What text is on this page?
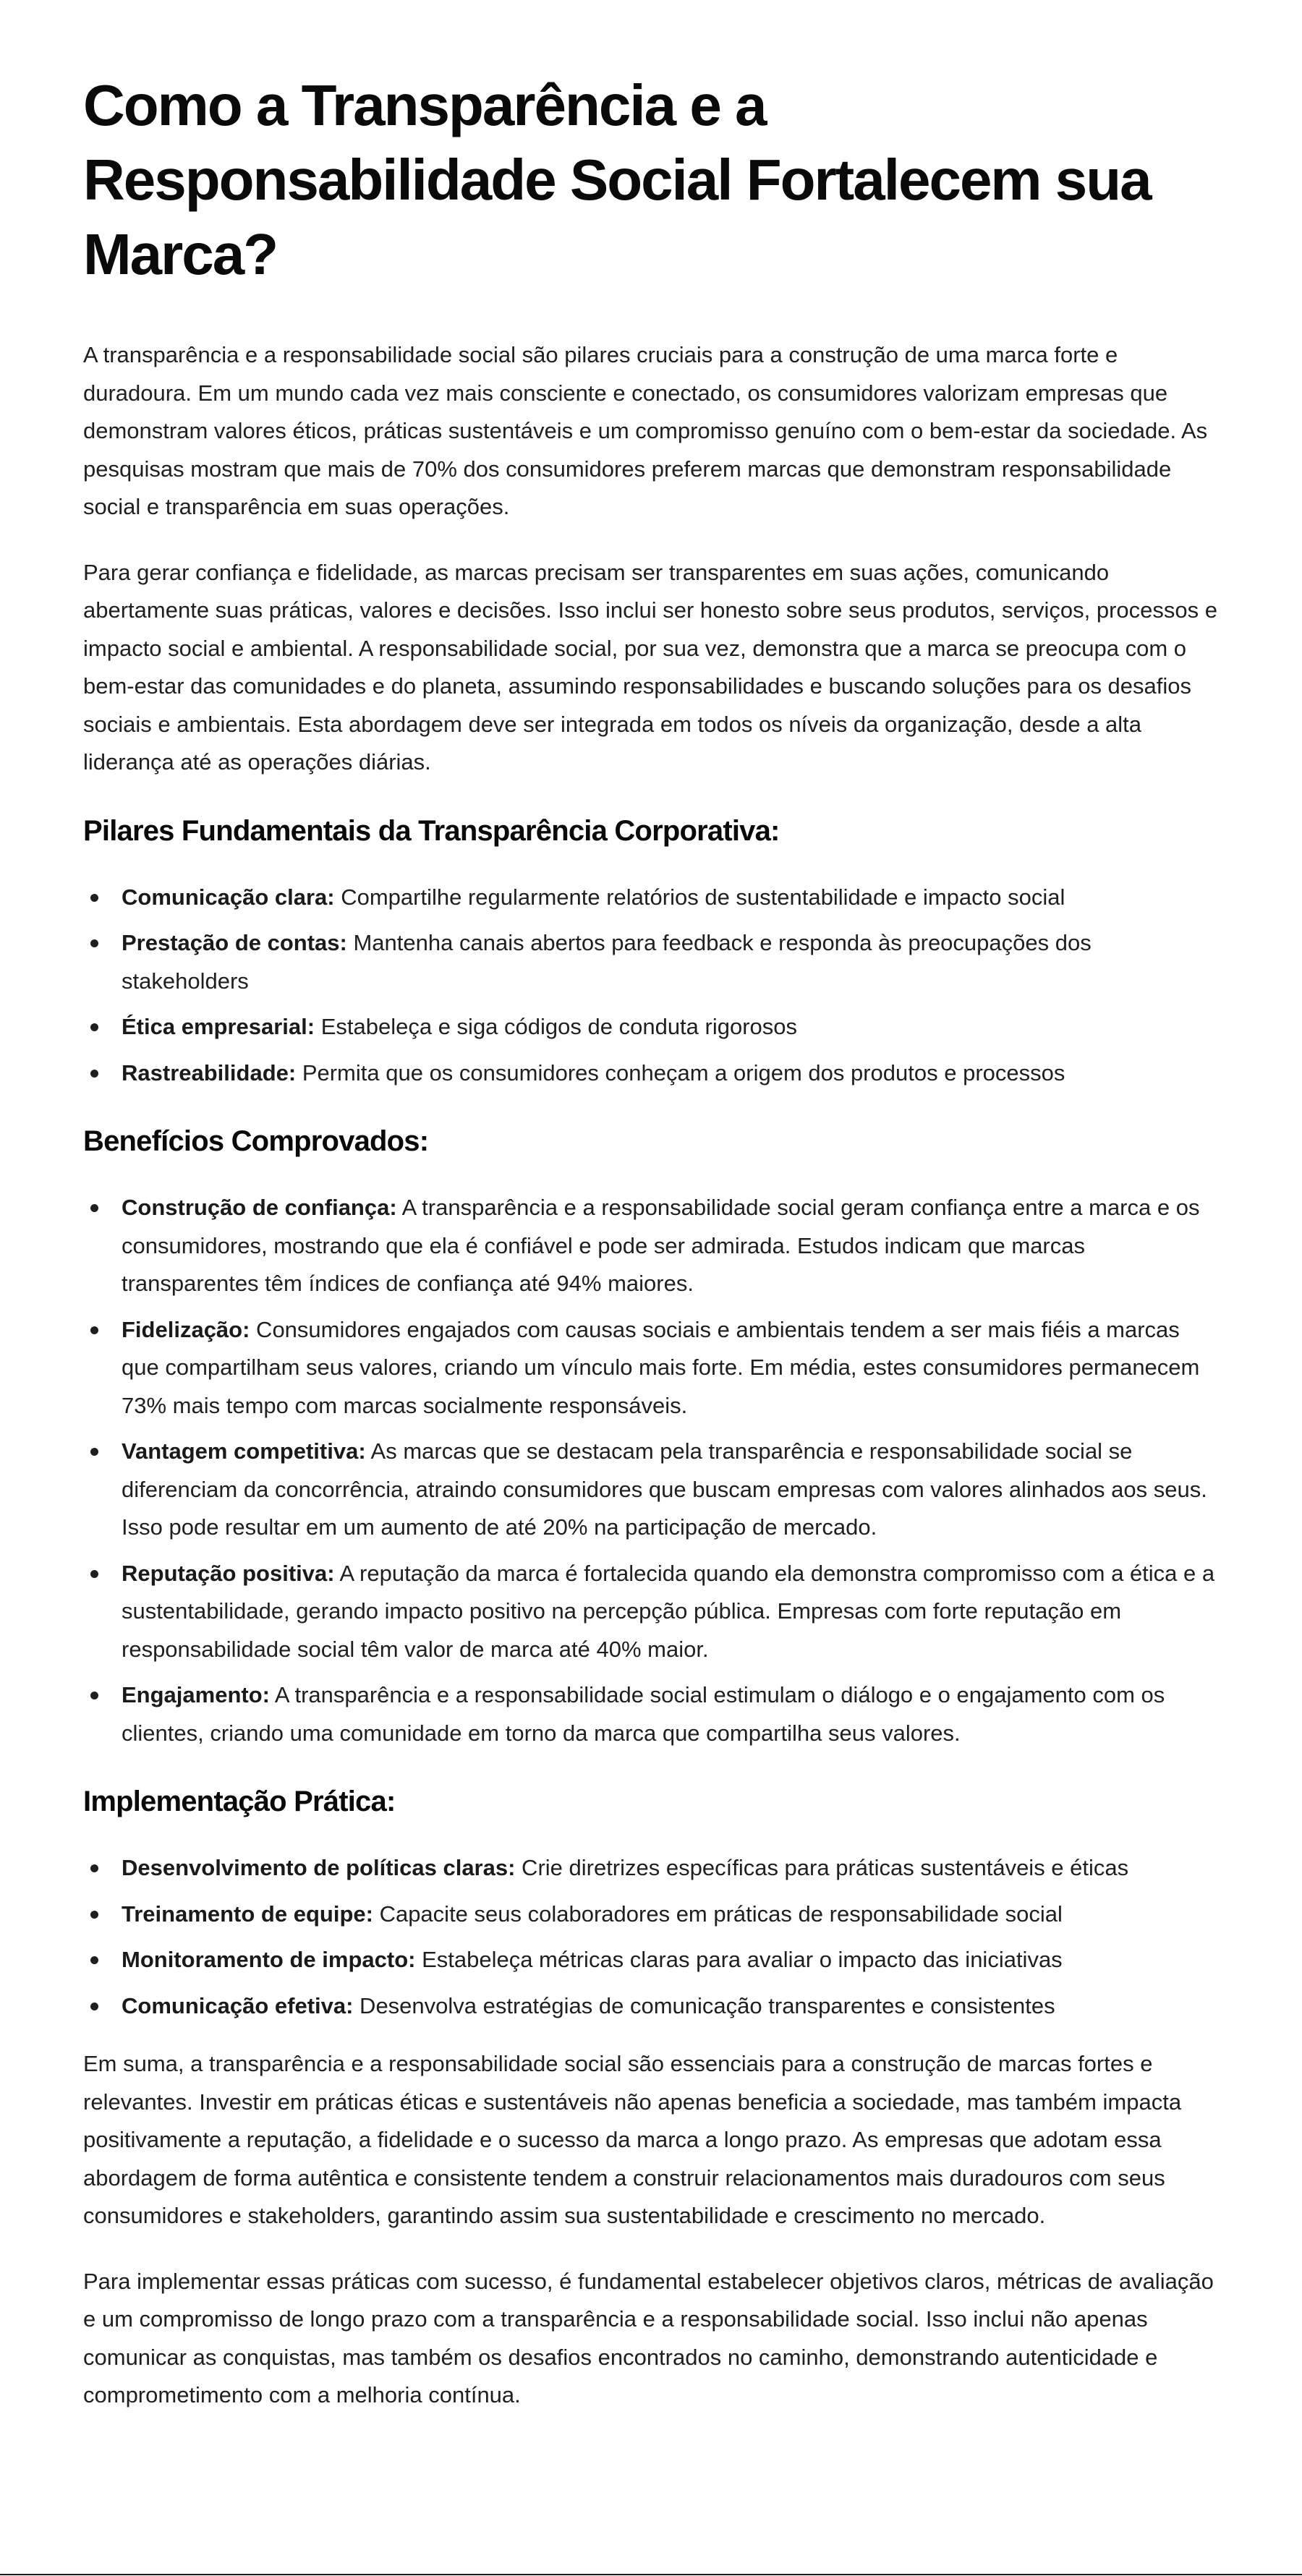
Como a Transparência e a Responsabilidade Social Fortalecem sua Marca?

A transparência e a responsabilidade social são pilares cruciais para a construção de uma marca forte e duradoura. Em um mundo cada vez mais consciente e conectado, os consumidores valorizam empresas que demonstram valores éticos, práticas sustentáveis e um compromisso genuíno com o bem-estar da sociedade. As pesquisas mostram que mais de 70% dos consumidores preferem marcas que demonstram responsabilidade social e transparência em suas operações.

Para gerar confiança e fidelidade, as marcas precisam ser transparentes em suas ações, comunicando abertamente suas práticas, valores e decisões. Isso inclui ser honesto sobre seus produtos, serviços, processos e impacto social e ambiental. A responsabilidade social, por sua vez, demonstra que a marca se preocupa com o bem-estar das comunidades e do planeta, assumindo responsabilidades e buscando soluções para os desafios sociais e ambientais. Esta abordagem deve ser integrada em todos os níveis da organização, desde a alta liderança até as operações diárias.

Pilares Fundamentais da Transparência Corporativa:
Comunicação clara: Compartilhe regularmente relatórios de sustentabilidade e impacto social
Prestação de contas: Mantenha canais abertos para feedback e responda às preocupações dos stakeholders
Ética empresarial: Estabeleça e siga códigos de conduta rigorosos
Rastreabilidade: Permita que os consumidores conheçam a origem dos produtos e processos
Benefícios Comprovados:
Construção de confiança: A transparência e a responsabilidade social geram confiança entre a marca e os consumidores, mostrando que ela é confiável e pode ser admirada. Estudos indicam que marcas transparentes têm índices de confiança até 94% maiores.
Fidelização: Consumidores engajados com causas sociais e ambientais tendem a ser mais fiéis a marcas que compartilham seus valores, criando um vínculo mais forte. Em média, estes consumidores permanecem 73% mais tempo com marcas socialmente responsáveis.
Vantagem competitiva: As marcas que se destacam pela transparência e responsabilidade social se diferenciam da concorrência, atraindo consumidores que buscam empresas com valores alinhados aos seus. Isso pode resultar em um aumento de até 20% na participação de mercado.
Reputação positiva: A reputação da marca é fortalecida quando ela demonstra compromisso com a ética e a sustentabilidade, gerando impacto positivo na percepção pública. Empresas com forte reputação em responsabilidade social têm valor de marca até 40% maior.
Engajamento: A transparência e a responsabilidade social estimulam o diálogo e o engajamento com os clientes, criando uma comunidade em torno da marca que compartilha seus valores.
Implementação Prática:
Desenvolvimento de políticas claras: Crie diretrizes específicas para práticas sustentáveis e éticas
Treinamento de equipe: Capacite seus colaboradores em práticas de responsabilidade social
Monitoramento de impacto: Estabeleça métricas claras para avaliar o impacto das iniciativas
Comunicação efetiva: Desenvolva estratégias de comunicação transparentes e consistentes

Em suma, a transparência e a responsabilidade social são essenciais para a construção de marcas fortes e relevantes. Investir em práticas éticas e sustentáveis não apenas beneficia a sociedade, mas também impacta positivamente a reputação, a fidelidade e o sucesso da marca a longo prazo. As empresas que adotam essa abordagem de forma autêntica e consistente tendem a construir relacionamentos mais duradouros com seus consumidores e stakeholders, garantindo assim sua sustentabilidade e crescimento no mercado.

Para implementar essas práticas com sucesso, é fundamental estabelecer objetivos claros, métricas de avaliação e um compromisso de longo prazo com a transparência e a responsabilidade social. Isso inclui não apenas comunicar as conquistas, mas também os desafios encontrados no caminho, demonstrando autenticidade e comprometimento com a melhoria contínua.
